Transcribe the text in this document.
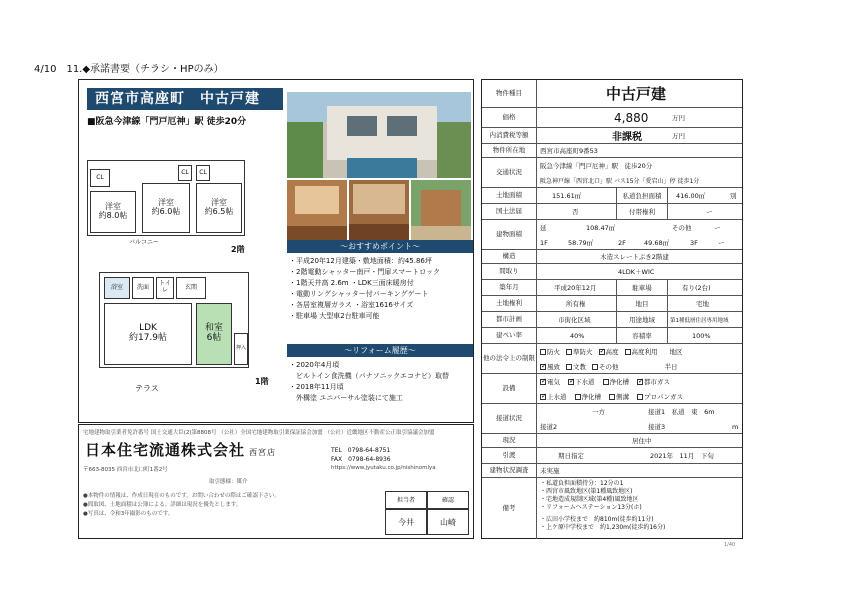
4/10　11.◆承諾書要（チラシ・HPのみ）
西宮市高座町　中古戸建
■阪急今津線「門戸厄神」駅 徒歩20分
洋室
約8.0帖
洋室
約6.0帖
洋室
約6.5帖
CL
CL	CL
バルコニー
2階
浴室	洗面	トイレ	玄関
LDK
約17.9帖
和室
6帖
押入
テラス
1階
～おすすめポイント～
・平成20年12月建築・敷地面積：約45.86坪
・2階電動シャッター南戸・門扉スマートロック
・1階天井高 2.6m ・LDK三面床暖房付
・電動リングシャッター付パーキングゲート
・各居室複層ガラス ・浴室1616サイズ
・駐車場 大型車2台駐車可能
～リフォーム履歴～
・2020年4月頃
　ビルトイン食洗機（パナソニックエコナビ）取替
・2018年11月頃
　外構塗 ユニバーサル塗装にて施工
宅地建物取引業者免許番号 国土交通大臣(2)第8808号 （公社）全国宅地建物取引業保証協会加盟 （公社）近畿地区不動産公正取引協議会加盟
日本住宅流通株式会社 西宮店	TEL　0798-64-8751
FAX　0798-64-8936
〒663-8035 西宮市北口町1番2号	https://www.jyutaku.co.jp/nishinomiya
取引態様：媒介
●本物件の情報は、作成日現在のものです。お問い合わせの際はご確認下さい。
●間取図、土地面積は公簿による。詳細は現況を優先とします。
●写真は、令和3年撮影のものです。
担当者	確認
今井	山崎
物件種目	中古戸建
価格	4,880	万円
内消費税等額	非課税	万円
物件所在地	西宮市高座町9番53
交通状況
阪急今津線「門戸厄神」駅　徒歩20分
阪急神戸線「西宮北口」駅 バス15分「愛宕山」停 徒歩1分
土地面積	151.61㎡	私道負担面積	416.00㎡	別
国土法届	否	付帯権利	ー
建物面積
延	108.47㎡	その他	ー
1F	58.79㎡	2F	49.68㎡	3F	ー
構造	木造スレートぶき2階建
間取り	4LDK＋WIC
築年月	平成20年12月	駐車場	有り(2台)
土地権利	所有権	地目	宅地
都市計画	市街化区域	用途地域	第1種低層住居専用地域
建ぺい率	40%	容積率	100%
他の法令上の制限
防火	準防火 ✓	高度	高度利用 地区
✓風致	文教	その他	半日
設備
✓電気 ✓	下水道	浄化槽 ✓	都市ガス
✓上水道	浄化槽	側溝	プロパンガス
接道状況
一方	接道1　私道　東　6m
接道2	接道3	m
現況	居住中
引渡	期日指定	2021年　11月　下旬
建物状況調査	未実施
備考
・私道負担面積持分：12分の1
・西宮市風致地区(第1種風致地区)
・宅地造成規制区域(第4種)風致地区
・リフォームへステーション13分(ホ)
・広田小学校まで　約810m(徒歩約11分)
・上ケ原中学校まで　約1,230m(徒歩約16分)
1/40
